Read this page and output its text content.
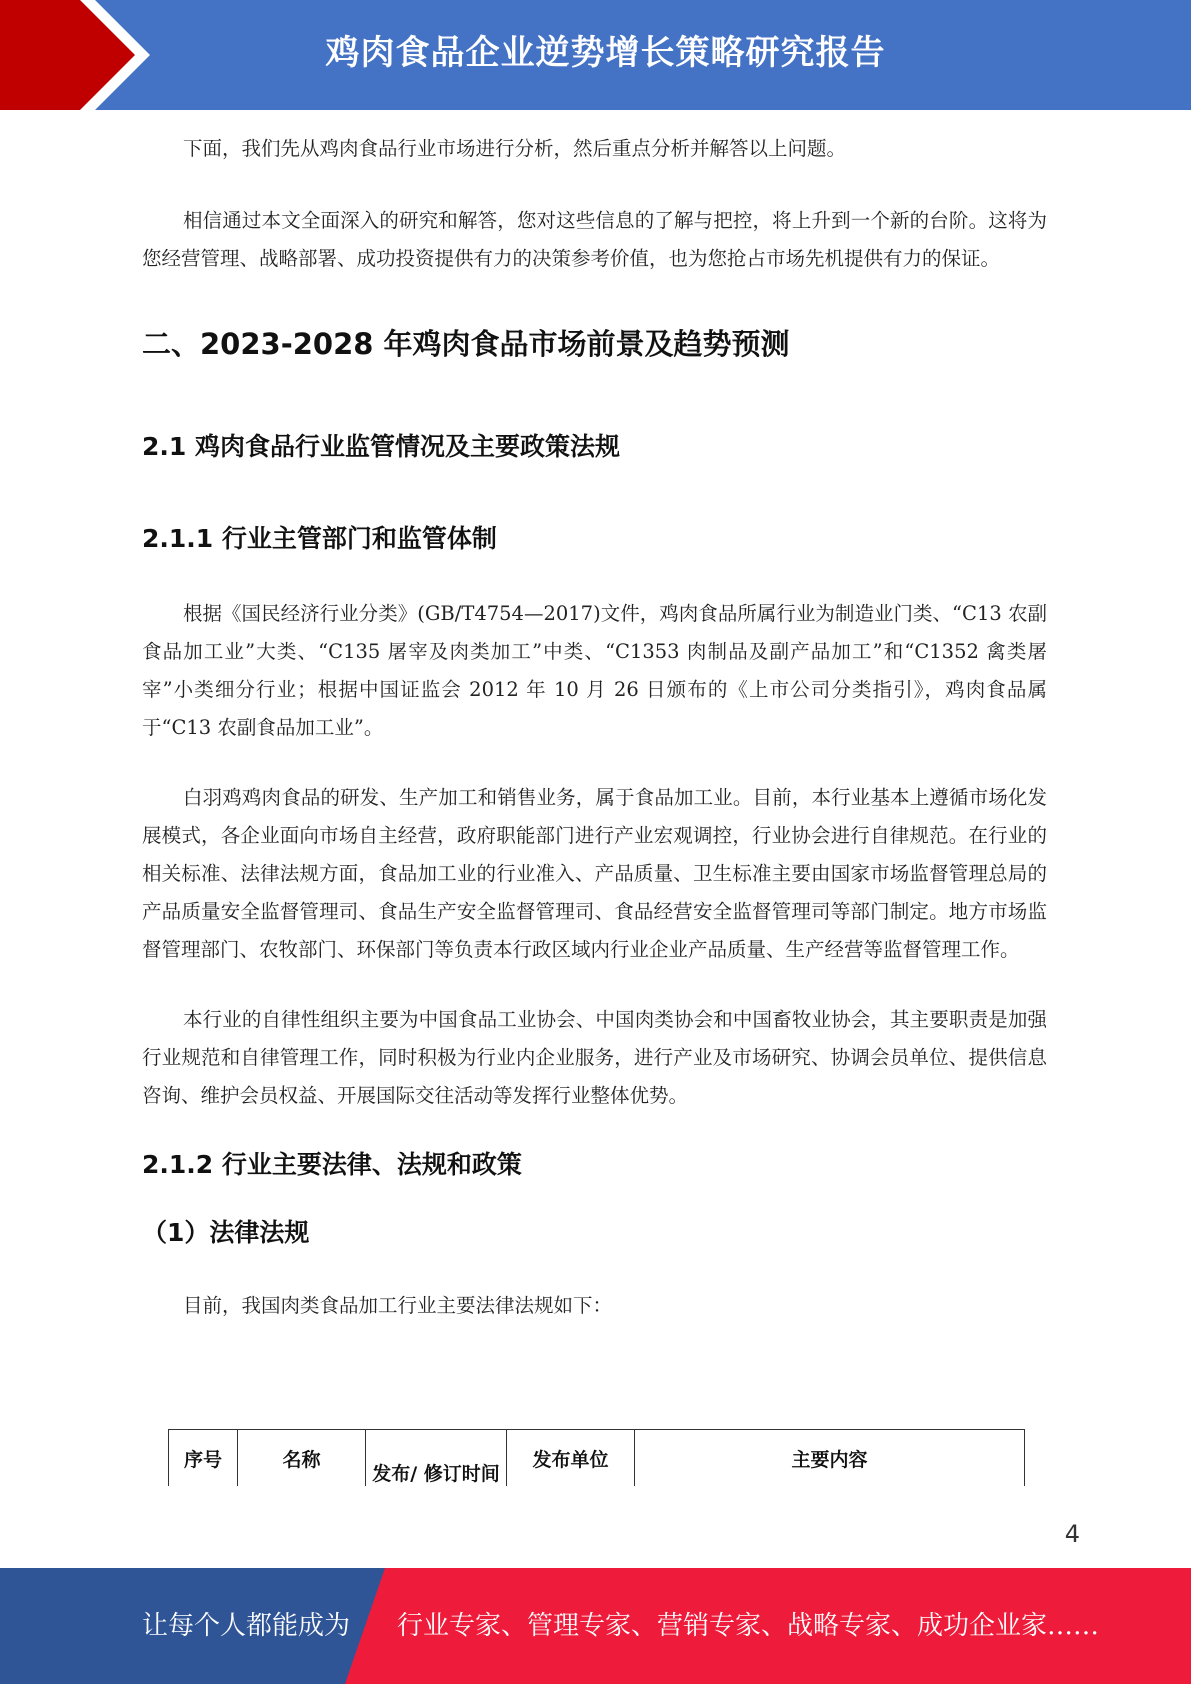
鸡肉食品企业逆势增长策略研究报告

下面，我们先从鸡肉食品行业市场进行分析，然后重点分析并解答以上问题。

相信通过本文全面深入的研究和解答，您对这些信息的了解与把控，将上升到一个新的台阶。这将为您经营管理、战略部署、成功投资提供有力的决策参考价值，也为您抢占市场先机提供有力的保证。

二、2023-2028 年鸡肉食品市场前景及趋势预测
2.1 鸡肉食品行业监管情况及主要政策法规
2.1.1 行业主管部门和监管体制

根据《国民经济行业分类》(GB/T4754—2017)文件，鸡肉食品所属行业为制造业门类、“C13 农副食品加工业”大类、“C135 屠宰及肉类加工”中类、“C1353 肉制品及副产品加工”和“C1352 禽类屠宰”小类细分行业；根据中国证监会 2012 年 10 月 26 日颁布的《上市公司分类指引》，鸡肉食品属于“C13 农副食品加工业”。

白羽鸡鸡肉食品的研发、生产加工和销售业务，属于食品加工业。目前，本行业基本上遵循市场化发展模式，各企业面向市场自主经营，政府职能部门进行产业宏观调控，行业协会进行自律规范。在行业的相关标准、法律法规方面，食品加工业的行业准入、产品质量、卫生标准主要由国家市场监督管理总局的产品质量安全监督管理司、食品生产安全监督管理司、食品经营安全监督管理司等部门制定。地方市场监督管理部门、农牧部门、环保部门等负责本行政区域内行业企业产品质量、生产经营等监督管理工作。

本行业的自律性组织主要为中国食品工业协会、中国肉类协会和中国畜牧业协会，其主要职责是加强行业规范和自律管理工作，同时积极为行业内企业服务，进行产业及市场研究、协调会员单位、提供信息咨询、维护会员权益、开展国际交往活动等发挥行业整体优势。

2.1.2 行业主要法律、法规和政策
（1）法律法规

目前，我国肉类食品加工行业主要法律法规如下：

序号	名称	发布/ 修订时间	发布单位	主要内容
4
让每个人都能成为 行业专家、管理专家、营销专家、战略专家、成功企业家……
